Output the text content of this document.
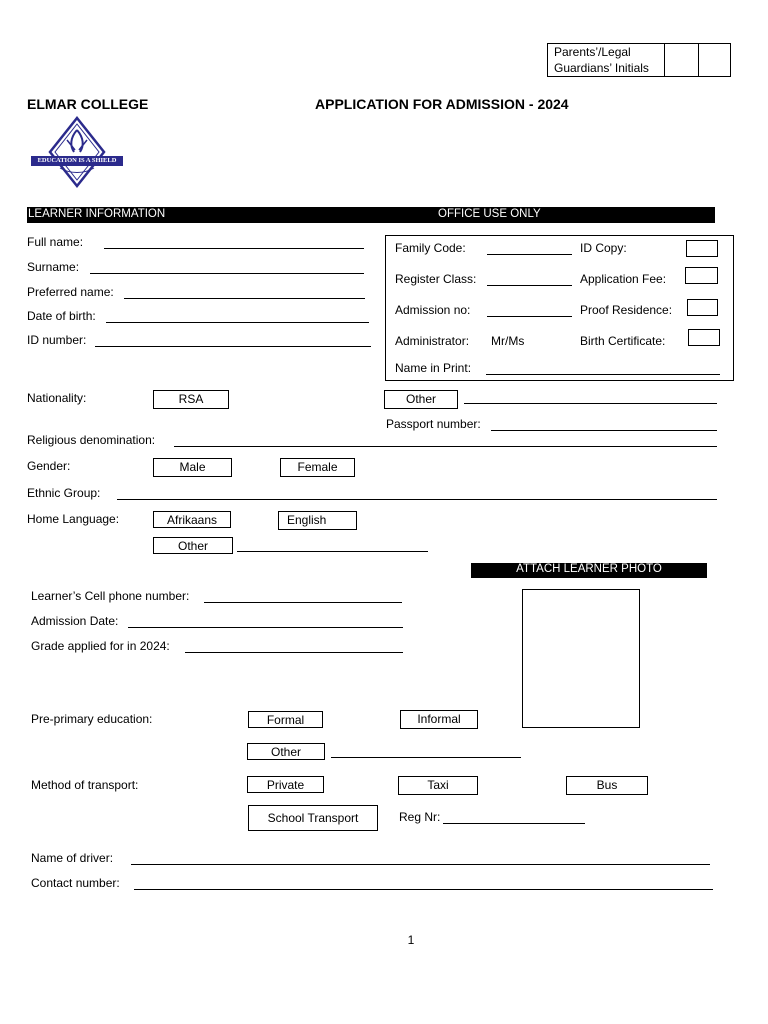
Parents’/Legal
Guardians’ Initials
ELMAR COLLEGE	APPLICATION FOR ADMISSION - 2024
EDUCATION IS A SHIELD
LEARNER INFORMATION	OFFICE USE ONLY
Full name:
Surname:
Preferred name:
Date of birth:
ID number:
Family Code:	ID Copy:
Register Class:	Application Fee:
Admission no:	Proof Residence:
Administrator: Mr/Ms	Birth Certificate:
Name in Print:
Nationality:	RSA	Other
Passport number:
Religious denomination:
Gender:	Male	Female
Ethnic Group:
Home Language:	Afrikaans	English
Other
ATTACH LEARNER PHOTO
Learner’s Cell phone number:
Admission Date:
Grade applied for in 2024:
Pre-primary education:	Formal	Informal
Other
Method of transport:	Private	Taxi	Bus
School Transport	Reg Nr:
Name of driver:
Contact number:
1
